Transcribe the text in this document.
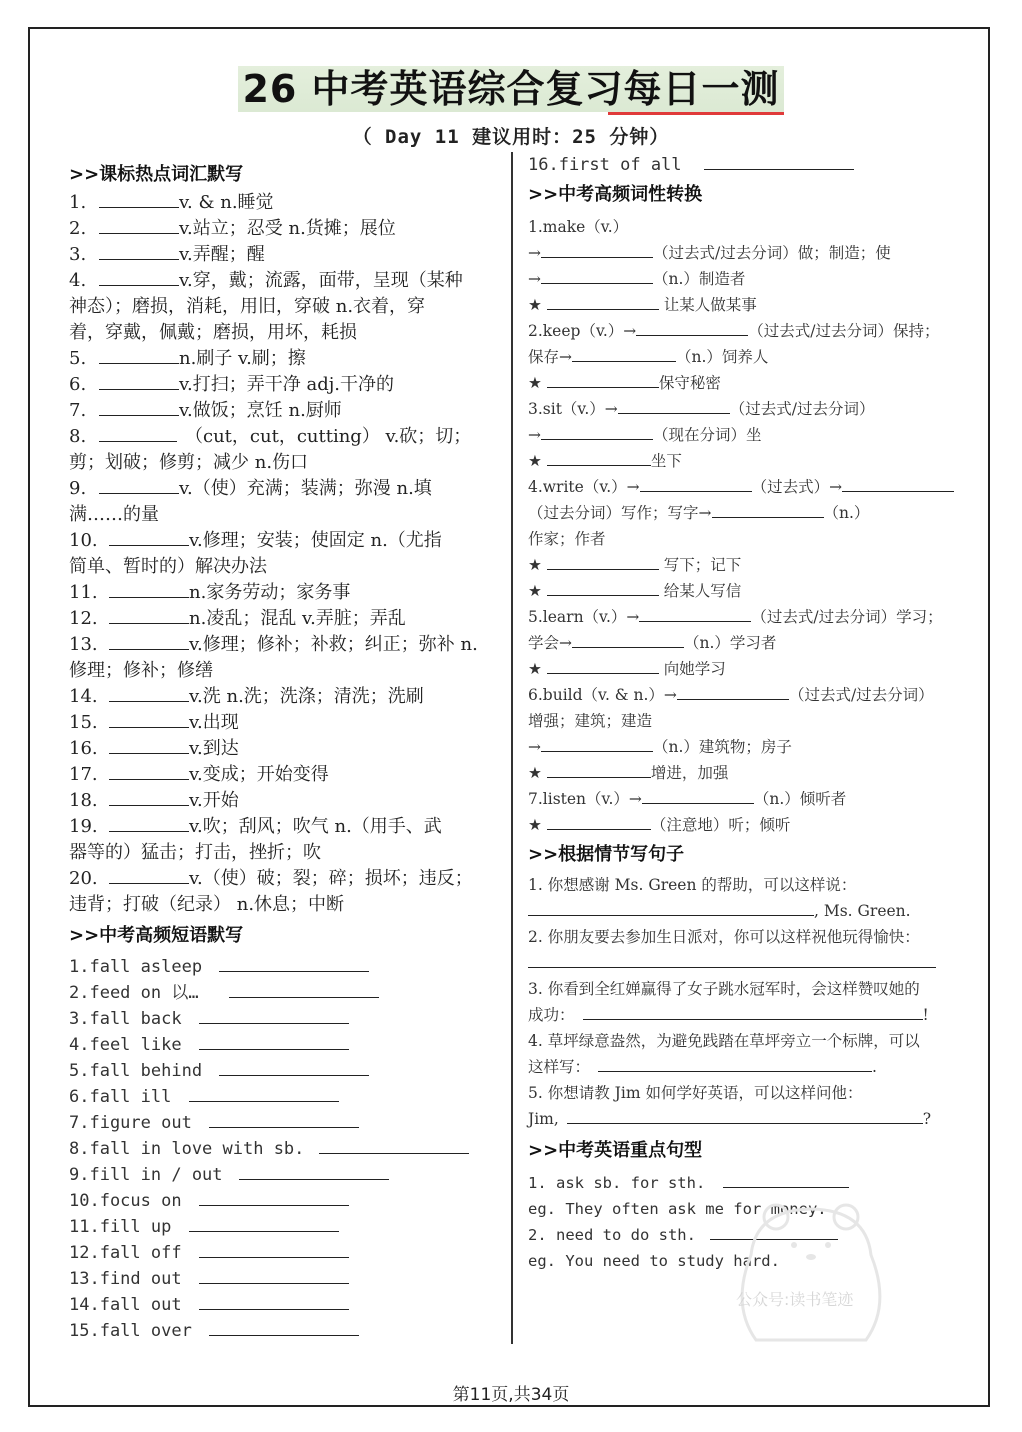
26 中考英语综合复习每日一测
（ Day 11 建议用时：25 分钟）
>>课标热点词汇默写
1.	v. & n.睡觉
2.	v.站立；忍受 n.货摊；展位
3.	v.弄醒；醒
4.	v.穿，戴；流露，面带，呈现（某种
神态）；磨损，消耗，用旧，穿破 n.衣着，穿
着，穿戴，佩戴；磨损，用坏，耗损
5.	n.刷子 v.刷；擦
6.	v.打扫；弄干净 adj.干净的
7.	v.做饭；烹饪 n.厨师
8.	（cut，cut，cutting） v.砍；切；
剪；划破；修剪；减少 n.伤口
9.	v.（使）充满；装满；弥漫 n.填
满……的量
10.	v.修理；安装；使固定 n.（尤指
简单、暂时的）解决办法
11.	n.家务劳动；家务事
12.	n.凌乱；混乱 v.弄脏；弄乱
13.	v.修理；修补；补救；纠正；弥补 n.
修理；修补；修缮
14.	v.洗 n.洗；洗涤；清洗；洗刷
15.	v.出现
16.	v.到达
17.	v.变成；开始变得
18.	v.开始
19.	v.吹；刮风；吹气 n.（用手、武
器等的）猛击；打击，挫折；吹
20.	v.（使）破；裂；碎；损坏；违反；
违背；打破（纪录） n.休息；中断
>>中考高频短语默写
1.fall asleep
2.feed on 以…
3.fall back
4.feel like
5.fall behind
6.fall ill
7.figure out
8.fall in love with sb.
9.fill in / out
10.focus on
11.fill up
12.fall off
13.find out
14.fall out
15.fall over
16.first of all
>>中考高频词性转换
1.make（v.）
→	（过去式/过去分词）做；制造；使
→	（n.）制造者
★	让某人做某事
2.keep（v.）→	（过去式/过去分词）保持；
保存→	（n.）饲养人
★	保守秘密
3.sit（v.）→	（过去式/过去分词）
→	（现在分词）坐
★	坐下
4.write（v.）→	（过去式）→
（过去分词）写作；写字→	（n.）
作家；作者
★	写下；记下
★	给某人写信
5.learn（v.）→	（过去式/过去分词）学习；
学会→	（n.）学习者
★	向她学习
6.build（v. & n.）→	（过去式/过去分词）
增强；建筑；建造
→	（n.）建筑物；房子
★	增进，加强
7.listen（v.）→	（n.）倾听者
★	（注意地）听；倾听
>>根据情节写句子
1. 你想感谢 Ms. Green 的帮助，可以这样说：
, Ms. Green.
2. 你朋友要去参加生日派对，你可以这样祝他玩得愉快：
3. 你看到全红婵赢得了女子跳水冠军时，会这样赞叹她的
成功：	!
4. 草坪绿意盎然，为避免践踏在草坪旁立一个标牌，可以
这样写：	.
5. 你想请教 Jim 如何学好英语，可以这样问他：
Jim,	?
>>中考英语重点句型
1. ask sb. for sth.
eg. They often ask me for money.
2. need to do sth.
eg. You need to study hard.
公众号:读书笔迹
第11页,共34页
